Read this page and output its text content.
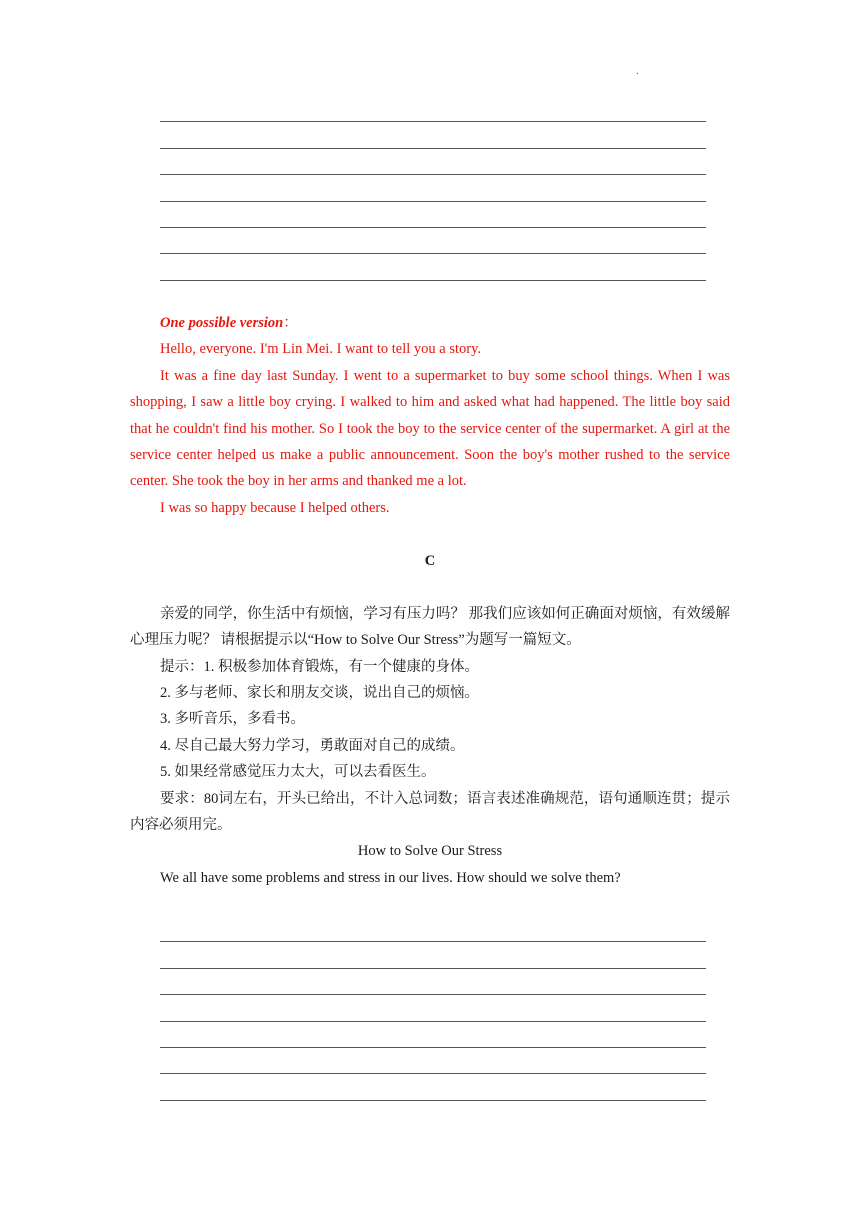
.

One possible version：

Hello, everyone. I'm Lin Mei. I want to tell you a story.

It was a fine day last Sunday. I went to a supermarket to buy some school things. When I was shopping, I saw a little boy crying. I walked to him and asked what had happened. The little boy said that he couldn't find his mother. So I took the boy to the service center of the supermarket. A girl at the service center helped us make a public announcement. Soon the boy's mother rushed to the service center. She took the boy in her arms and thanked me a lot.

I was so happy because I helped others.

C

亲爱的同学，你生活中有烦恼，学习有压力吗？ 那我们应该如何正确面对烦恼，有效缓解心理压力呢？ 请根据提示以“How to Solve Our Stress”为题写一篇短文。

提示：1. 积极参加体育锻炼，有一个健康的身体。

2. 多与老师、家长和朋友交谈，说出自己的烦恼。

3. 多听音乐，多看书。

4. 尽自己最大努力学习，勇敢面对自己的成绩。

5. 如果经常感觉压力太大，可以去看医生。

要求：80词左右，开头已给出，不计入总词数；语言表述准确规范，语句通顺连贯；提示内容必须用完。

How to Solve Our Stress

We all have some problems and stress in our lives. How should we solve them?
